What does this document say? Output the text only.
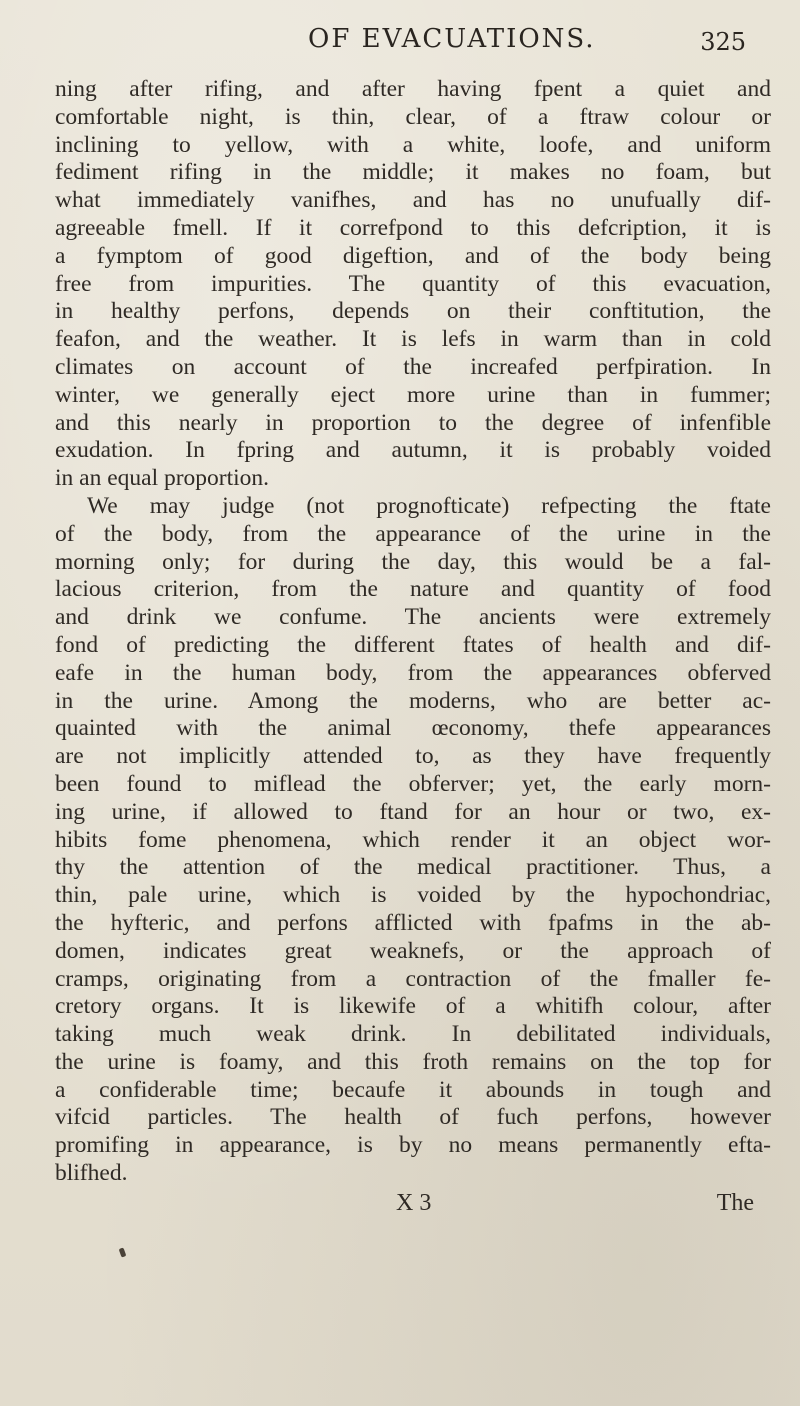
OF EVACUATIONS.	325
ning after rifing, and after having fpent a quiet and
comfortable night, is thin, clear, of a ftraw colour or
inclining to yellow, with a white, loofe, and uniform
fediment rifing in the middle; it makes no foam, but
what immediately vanifhes, and has no unufually dif-
agreeable fmell. If it correfpond to this defcription, it is
a fymptom of good digeftion, and of the body being
free from impurities. The quantity of this evacuation,
in healthy perfons, depends on their conftitution, the
feafon, and the weather. It is lefs in warm than in cold
climates on account of the increafed perfpiration. In
winter, we generally eject more urine than in fummer;
and this nearly in proportion to the degree of infenfible
exudation. In fpring and autumn, it is probably voided
in an equal proportion.
We may judge (not prognofticate) refpecting the ftate
of the body, from the appearance of the urine in the
morning only; for during the day, this would be a fal-
lacious criterion, from the nature and quantity of food
and drink we confume. The ancients were extremely
fond of predicting the different ftates of health and dif-
eafe in the human body, from the appearances obferved
in the urine. Among the moderns, who are better ac-
quainted with the animal œconomy, thefe appearances
are not implicitly attended to, as they have frequently
been found to miflead the obferver; yet, the early morn-
ing urine, if allowed to ftand for an hour or two, ex-
hibits fome phenomena, which render it an object wor-
thy the attention of the medical practitioner. Thus, a
thin, pale urine, which is voided by the hypochondriac,
the hyfteric, and perfons afflicted with fpafms in the ab-
domen, indicates great weaknefs, or the approach of
cramps, originating from a contraction of the fmaller fe-
cretory organs. It is likewife of a whitifh colour, after
taking much weak drink. In debilitated individuals,
the urine is foamy, and this froth remains on the top for
a confiderable time; becaufe it abounds in tough and
vifcid particles. The health of fuch perfons, however
promifing in appearance, is by no means permanently efta-
blifhed.
X 3	The
